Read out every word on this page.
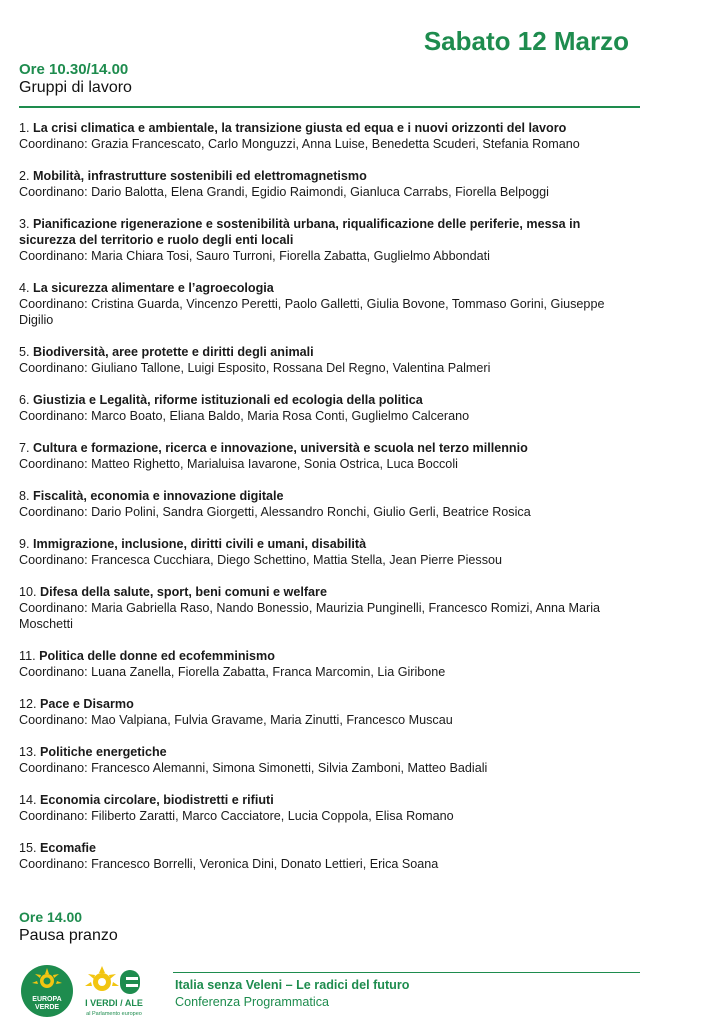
Sabato 12 Marzo
Ore 10.30/14.00
Gruppi di lavoro
1. La crisi climatica e ambientale, la transizione giusta ed equa e i nuovi orizzonti del lavoro
Coordinano: Grazia Francescato, Carlo Monguzzi, Anna Luise, Benedetta Scuderi, Stefania Romano
2. Mobilità, infrastrutture sostenibili ed elettromagnetismo
Coordinano: Dario Balotta, Elena Grandi, Egidio Raimondi, Gianluca Carrabs, Fiorella Belpoggi
3. Pianificazione rigenerazione e sostenibilità urbana, riqualificazione delle periferie, messa in sicurezza del territorio e ruolo degli enti locali
Coordinano: Maria Chiara Tosi, Sauro Turroni, Fiorella Zabatta, Guglielmo Abbondati
4. La sicurezza alimentare e l’agroecologia
Coordinano: Cristina Guarda, Vincenzo Peretti, Paolo Galletti, Giulia Bovone, Tommaso Gorini, Giuseppe Digilio
5. Biodiversità, aree protette e diritti degli animali
Coordinano: Giuliano Tallone, Luigi Esposito, Rossana Del Regno, Valentina Palmeri
6. Giustizia e Legalità, riforme istituzionali ed ecologia della politica
Coordinano: Marco Boato, Eliana Baldo, Maria Rosa Conti, Guglielmo Calcerano
7. Cultura e formazione, ricerca e innovazione, università e scuola nel terzo millennio
Coordinano: Matteo Righetto, Marialuisa Iavarone, Sonia Ostrica, Luca Boccoli
8. Fiscalità, economia e innovazione digitale
Coordinano: Dario Polini, Sandra Giorgetti, Alessandro Ronchi, Giulio Gerli, Beatrice Rosica
9. Immigrazione, inclusione, diritti civili e umani, disabilità
Coordinano: Francesca Cucchiara, Diego Schettino, Mattia Stella, Jean Pierre Piessou
10. Difesa della salute, sport, beni comuni e welfare
Coordinano: Maria Gabriella Raso, Nando Bonessio, Maurizia Punginelli, Francesco Romizi, Anna Maria Moschetti
11. Politica delle donne ed ecofemminismo
Coordinano: Luana Zanella, Fiorella Zabatta, Franca Marcomin, Lia Giribone
12. Pace e Disarmo
Coordinano: Mao Valpiana, Fulvia Gravame, Maria Zinutti, Francesco Muscau
13. Politiche energetiche
Coordinano: Francesco Alemanni, Simona Simonetti, Silvia Zamboni, Matteo Badiali
14. Economia circolare, biodistretti e rifiuti
Coordinano: Filiberto Zaratti, Marco Cacciatore, Lucia Coppola, Elisa Romano
15. Ecomafie
Coordinano: Francesco Borrelli, Veronica Dini, Donato Lettieri, Erica Soana
Ore 14.00
Pausa pranzo
EUROPA
VERDE	I VERDI / ALE
al Parlamento europeo
Italia senza Veleni – Le radici del futuro
Conferenza Programmatica
